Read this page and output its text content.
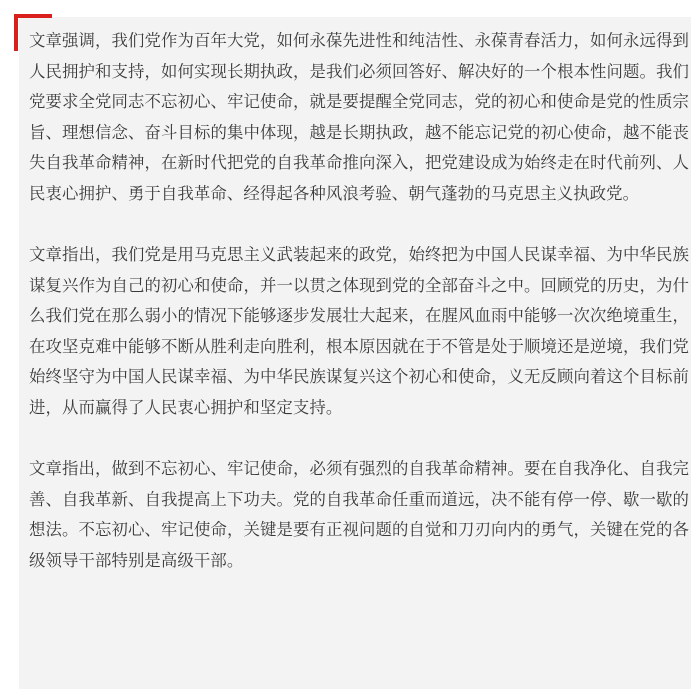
文章强调，我们党作为百年大党，如何永葆先进性和纯洁性、永葆青春活力，如何永远得到人民拥护和支持，如何实现长期执政，是我们必须回答好、解决好的一个根本性问题。我们党要求全党同志不忘初心、牢记使命，就是要提醒全党同志，党的初心和使命是党的性质宗旨、理想信念、奋斗目标的集中体现，越是长期执政，越不能忘记党的初心使命，越不能丧失自我革命精神，在新时代把党的自我革命推向深入，把党建设成为始终走在时代前列、人民衷心拥护、勇于自我革命、经得起各种风浪考验、朝气蓬勃的马克思主义执政党。

文章指出，我们党是用马克思主义武装起来的政党，始终把为中国人民谋幸福、为中华民族谋复兴作为自己的初心和使命，并一以贯之体现到党的全部奋斗之中。回顾党的历史，为什么我们党在那么弱小的情况下能够逐步发展壮大起来，在腥风血雨中能够一次次绝境重生，在攻坚克难中能够不断从胜利走向胜利，根本原因就在于不管是处于顺境还是逆境，我们党始终坚守为中国人民谋幸福、为中华民族谋复兴这个初心和使命，义无反顾向着这个目标前进，从而赢得了人民衷心拥护和坚定支持。

文章指出，做到不忘初心、牢记使命，必须有强烈的自我革命精神。要在自我净化、自我完善、自我革新、自我提高上下功夫。党的自我革命任重而道远，决不能有停一停、歇一歇的想法。不忘初心、牢记使命，关键是要有正视问题的自觉和刀刃向内的勇气，关键在党的各级领导干部特别是高级干部。
